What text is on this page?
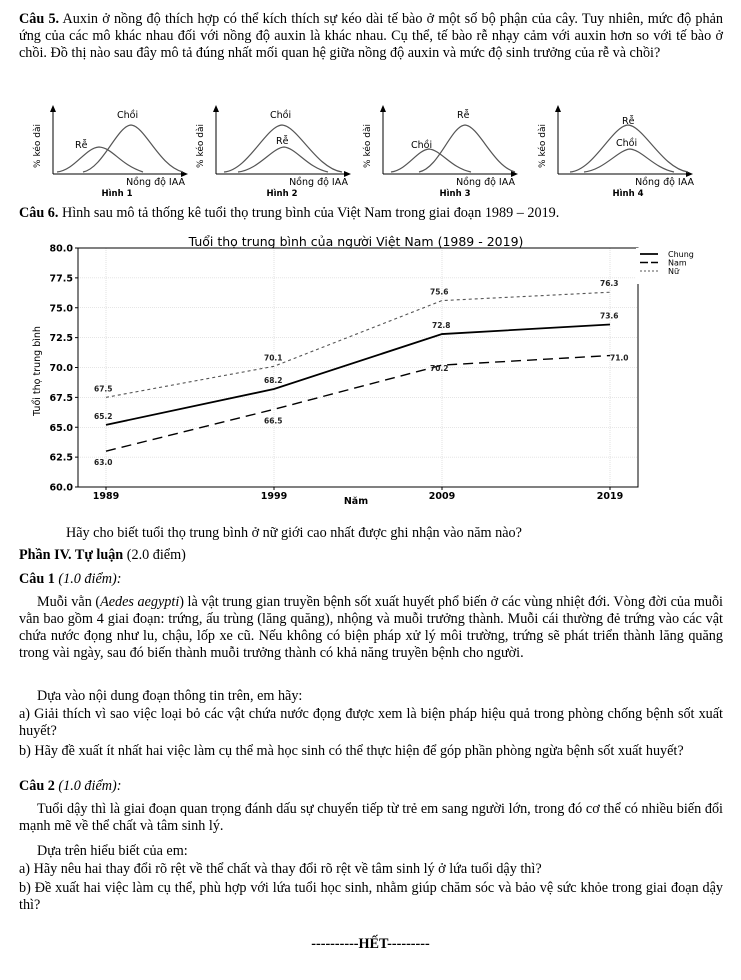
Câu 5. Auxin ở nồng độ thích hợp có thể kích thích sự kéo dài tế bào ở một số bộ phận của cây. Tuy nhiên, mức độ phản ứng của các mô khác nhau đối với nồng độ auxin là khác nhau. Cụ thể, tế bào rễ nhạy cảm với auxin hơn so với tế bào ở chồi. Đồ thị nào sau đây mô tả đúng nhất mối quan hệ giữa nồng độ auxin và mức độ sinh trưởng của rễ và chồi?
% kéo dài
Chồi
Rễ
Nồng độ IAA
Hình 1
% kéo dài
Chồi
Rễ
Nồng độ IAA
Hình 2
% kéo dài
Rễ
Chồi
Nồng độ IAA
Hình 3
% kéo dài
Rễ
Chồi
Nồng độ IAA
Hình 4
Câu 6. Hình sau mô tả thống kê tuổi thọ trung bình của Việt Nam trong giai đoạn 1989 – 2019.
60.0
62.5
65.0
67.5
70.0
72.5
75.0
77.5
80.0
1989	1999	2009	2019
65.2
68.2
72.8
73.6
63.0
66.5
70.2
71.0
67.5
70.1
75.6
76.3
Chung
Nam
Nữ
Tuổi thọ trung bình của người Việt Nam (1989 - 2019)
Năm
Tuổi thọ trung bình
Hãy cho biết tuổi thọ trung bình ở nữ giới cao nhất được ghi nhận vào năm nào?
Phần IV. Tự luận (2.0 điểm)
Câu 1 (1.0 điểm):
Muỗi vằn (Aedes aegypti) là vật trung gian truyền bệnh sốt xuất huyết phổ biến ở các vùng nhiệt đới. Vòng đời của muỗi vằn bao gồm 4 giai đoạn: trứng, ấu trùng (lăng quăng), nhộng và muỗi trưởng thành. Muỗi cái thường đẻ trứng vào các vật chứa nước đọng như lu, chậu, lốp xe cũ. Nếu không có biện pháp xử lý môi trường, trứng sẽ phát triển thành lăng quăng trong vài ngày, sau đó biến thành muỗi trưởng thành có khả năng truyền bệnh cho người.
Dựa vào nội dung đoạn thông tin trên, em hãy:
a) Giải thích vì sao việc loại bỏ các vật chứa nước đọng được xem là biện pháp hiệu quả trong phòng chống bệnh sốt xuất huyết?
b) Hãy đề xuất ít nhất hai việc làm cụ thể mà học sinh có thể thực hiện để góp phần phòng ngừa bệnh sốt xuất huyết?
Câu 2 (1.0 điểm):
Tuổi dậy thì là giai đoạn quan trọng đánh dấu sự chuyển tiếp từ trẻ em sang người lớn, trong đó cơ thể có nhiều biến đổi mạnh mẽ về thể chất và tâm sinh lý.
Dựa trên hiểu biết của em:
a) Hãy nêu hai thay đổi rõ rệt về thể chất và thay đổi rõ rệt về tâm sinh lý ở lứa tuổi dậy thì?
b) Đề xuất hai việc làm cụ thể, phù hợp với lứa tuổi học sinh, nhằm giúp chăm sóc và bảo vệ sức khỏe trong giai đoạn dậy thì?
----------HẾT---------
